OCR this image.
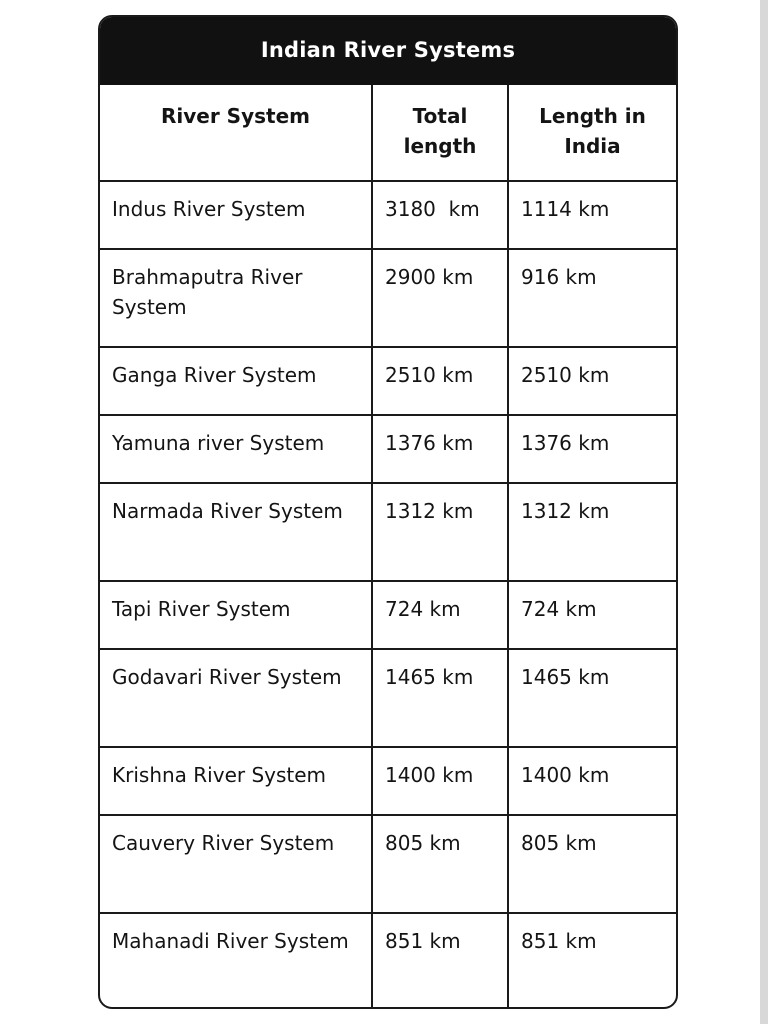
Indian River Systems
River System	Total length	Length in India
Indus River System	3180  km	1114 km
Brahmaputra River System	2900 km	916 km
Ganga River System	2510 km	2510 km
Yamuna river System	1376 km	1376 km
Narmada River System	1312 km	1312 km
Tapi River System	724 km	724 km
Godavari River System	1465 km	1465 km
Krishna River System	1400 km	1400 km
Cauvery River System	805 km	805 km
Mahanadi River System	851 km	851 km
